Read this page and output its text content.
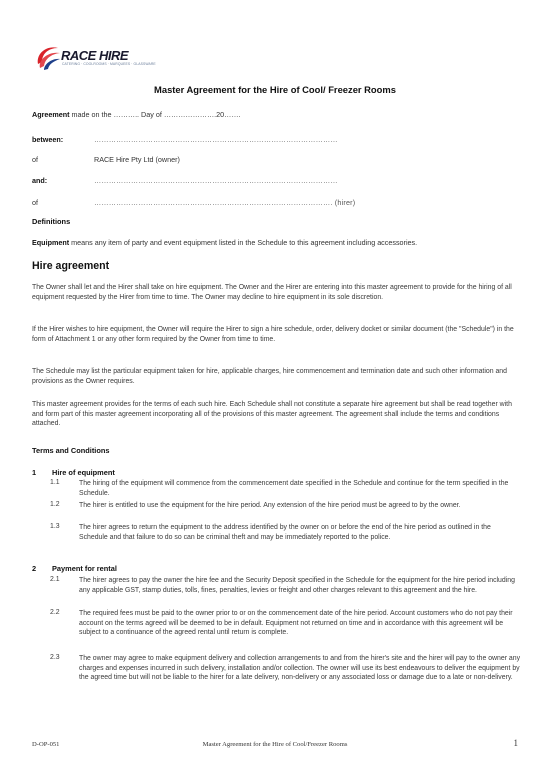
RACE HIRE
CATERING · COOLROOMS · MARQUEES · GLASSWARE
Master Agreement for the Hire of Cool/ Freezer Rooms
Agreement made on the ……….. Day of ………………….20…….
between:	………………………………………………………………………………………
of	RACE Hire Pty Ltd (owner)
and:	………………………………………………………………………………………
of	……………………………………………………………………………………. (hirer)
Definitions
Equipment means any item of party and event equipment listed in the Schedule to this agreement including accessories.
Hire agreement

The Owner shall let and the Hirer shall take on hire equipment. The Owner and the Hirer are entering into this master agreement to provide for the hiring of all equipment requested by the Hirer from time to time. The Owner may decline to hire equipment in its sole discretion.

If the Hirer wishes to hire equipment, the Owner will require the Hirer to sign a hire schedule, order, delivery docket or similar document (the "Schedule") in the form of Attachment 1 or any other form required by the Owner from time to time.

The Schedule may list the particular equipment taken for hire, applicable charges, hire commencement and termination date and such other information and provisions as the Owner requires.

This master agreement provides for the terms of each such hire. Each Schedule shall not constitute a separate hire agreement but shall be read together with and form part of this master agreement incorporating all of the provisions of this master agreement. The agreement shall include the terms and conditions attached.

Terms and Conditions
1 Hire of equipment
1.1	The hiring of the equipment will commence from the commencement date specified in the Schedule and continue for the term specified in the Schedule.

1.2	The hirer is entitled to use the equipment for the hire period. Any extension of the hire period must be agreed to by the owner.

1.3	The hirer agrees to return the equipment to the address identified by the owner on or before the end of the hire period as outlined in the Schedule and that failure to do so can be criminal theft and may be immediately reported to the police.

2 Payment for rental
2.1	The hirer agrees to pay the owner the hire fee and the Security Deposit specified in the Schedule for the equipment for the hire period including any applicable GST, stamp duties, tolls, fines, penalties, levies or freight and other charges relevant to this agreement and the hire.

2.2	The required fees must be paid to the owner prior to or on the commencement date of the hire period. Account customers who do not pay their account on the terms agreed will be deemed to be in default. Equipment not returned on time and in accordance with this agreement will be subject to a continuance of the agreed rental until return is complete.

2.3	The owner may agree to make equipment delivery and collection arrangements to and from the hirer's site and the hirer will pay to the owner any charges and expenses incurred in such delivery, installation and/or collection. The owner will use its best endeavours to deliver the equipment by the agreed time but will not be liable to the hirer for a late delivery, non-delivery or any associated loss or damage due to a late or non-delivery.

D-OP-051	Master Agreement for the Hire of Cool/Freezer Rooms	1
